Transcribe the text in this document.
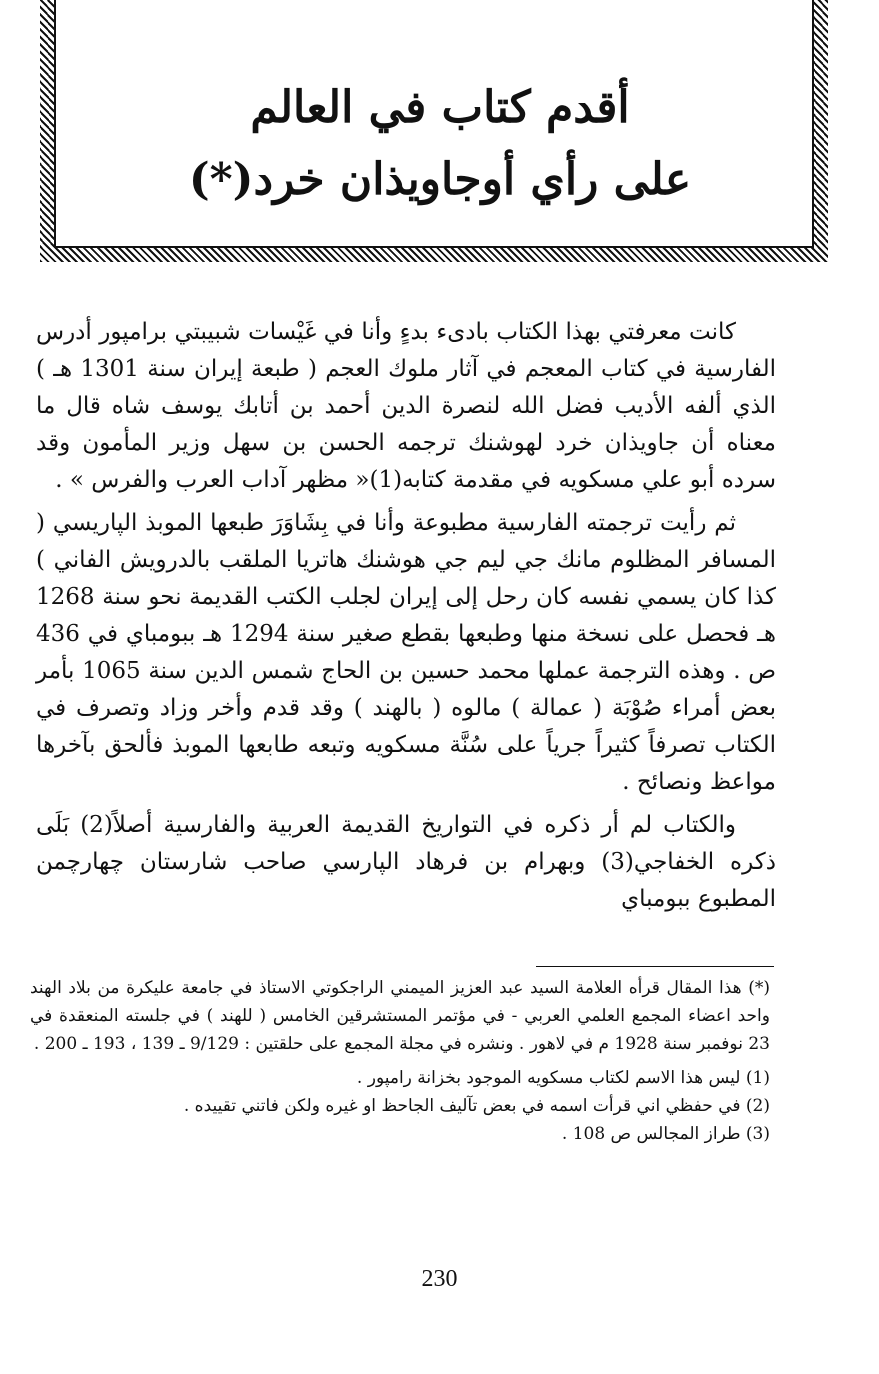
أقدم كتاب في العالم
على رأي أوجاويذان خرد(*)

كانت معرفتي بهذا الكتاب بادىء بدءٍ وأنا في غَيْسات شبيبتي برامپور أدرس الفارسية في كتاب المعجم في آثار ملوك العجم ( طبعة إيران سنة 1301 هـ ) الذي ألفه الأديب فضل الله لنصرة الدين أحمد بن أتابك يوسف شاه قال ما معناه أن جاويذان خرد لهوشنك ترجمه الحسن بن سهل وزير المأمون وقد سرده أبو علي مسكويه في مقدمة كتابه(1)« مظهر آداب العرب والفرس » .

ثم رأيت ترجمته الفارسية مطبوعة وأنا في بِشَاوَرَ طبعها الموبذ الپاريسي ( المسافر المظلوم مانك جي ليم جي هوشنك هاتريا الملقب بالدرويش الفاني ) كذا كان يسمي نفسه كان رحل إلى إيران لجلب الكتب القديمة نحو سنة 1268 هـ فحصل على نسخة منها وطبعها بقطع صغير سنة 1294 هـ ببومباي في 436 ص . وهذه الترجمة عملها محمد حسين بن الحاج شمس الدين سنة 1065 بأمر بعض أمراء صُوْبَة ( عمالة ) مالوه ( بالهند ) وقد قدم وأخر وزاد وتصرف في الكتاب تصرفاً كثيراً جرياً على سُنَّة مسكويه وتبعه طابعها الموبذ فألحق بآخرها مواعظ ونصائح .

والكتاب لم أر ذكره في التواريخ القديمة العربية والفارسية أصلاً(2) بَلَى ذكره الخفاجي(3) وبهرام بن فرهاد الپارسي صاحب شارستان چهارچمن المطبوع ببومباي

(*) هذا المقال قرأه العلامة السيد عبد العزيز الميمني الراجكوتي الاستاذ في جامعة عليكرة من بلاد الهند واحد اعضاء المجمع العلمي العربي - في مؤتمر المستشرقين الخامس ( للهند ) في جلسته المنعقدة في 23 نوفمبر سنة 1928 م في لاهور . ونشره في مجلة المجمع على حلقتين : 9/129 ـ 139 ، 193 ـ 200 .

(1) ليس هذا الاسم لكتاب مسكويه الموجود بخزانة رامپور .

(2) في حفظي اني قرأت اسمه في بعض تآليف الجاحظ او غيره ولكن فاتني تقييده .

(3) طراز المجالس ص 108 .

230
